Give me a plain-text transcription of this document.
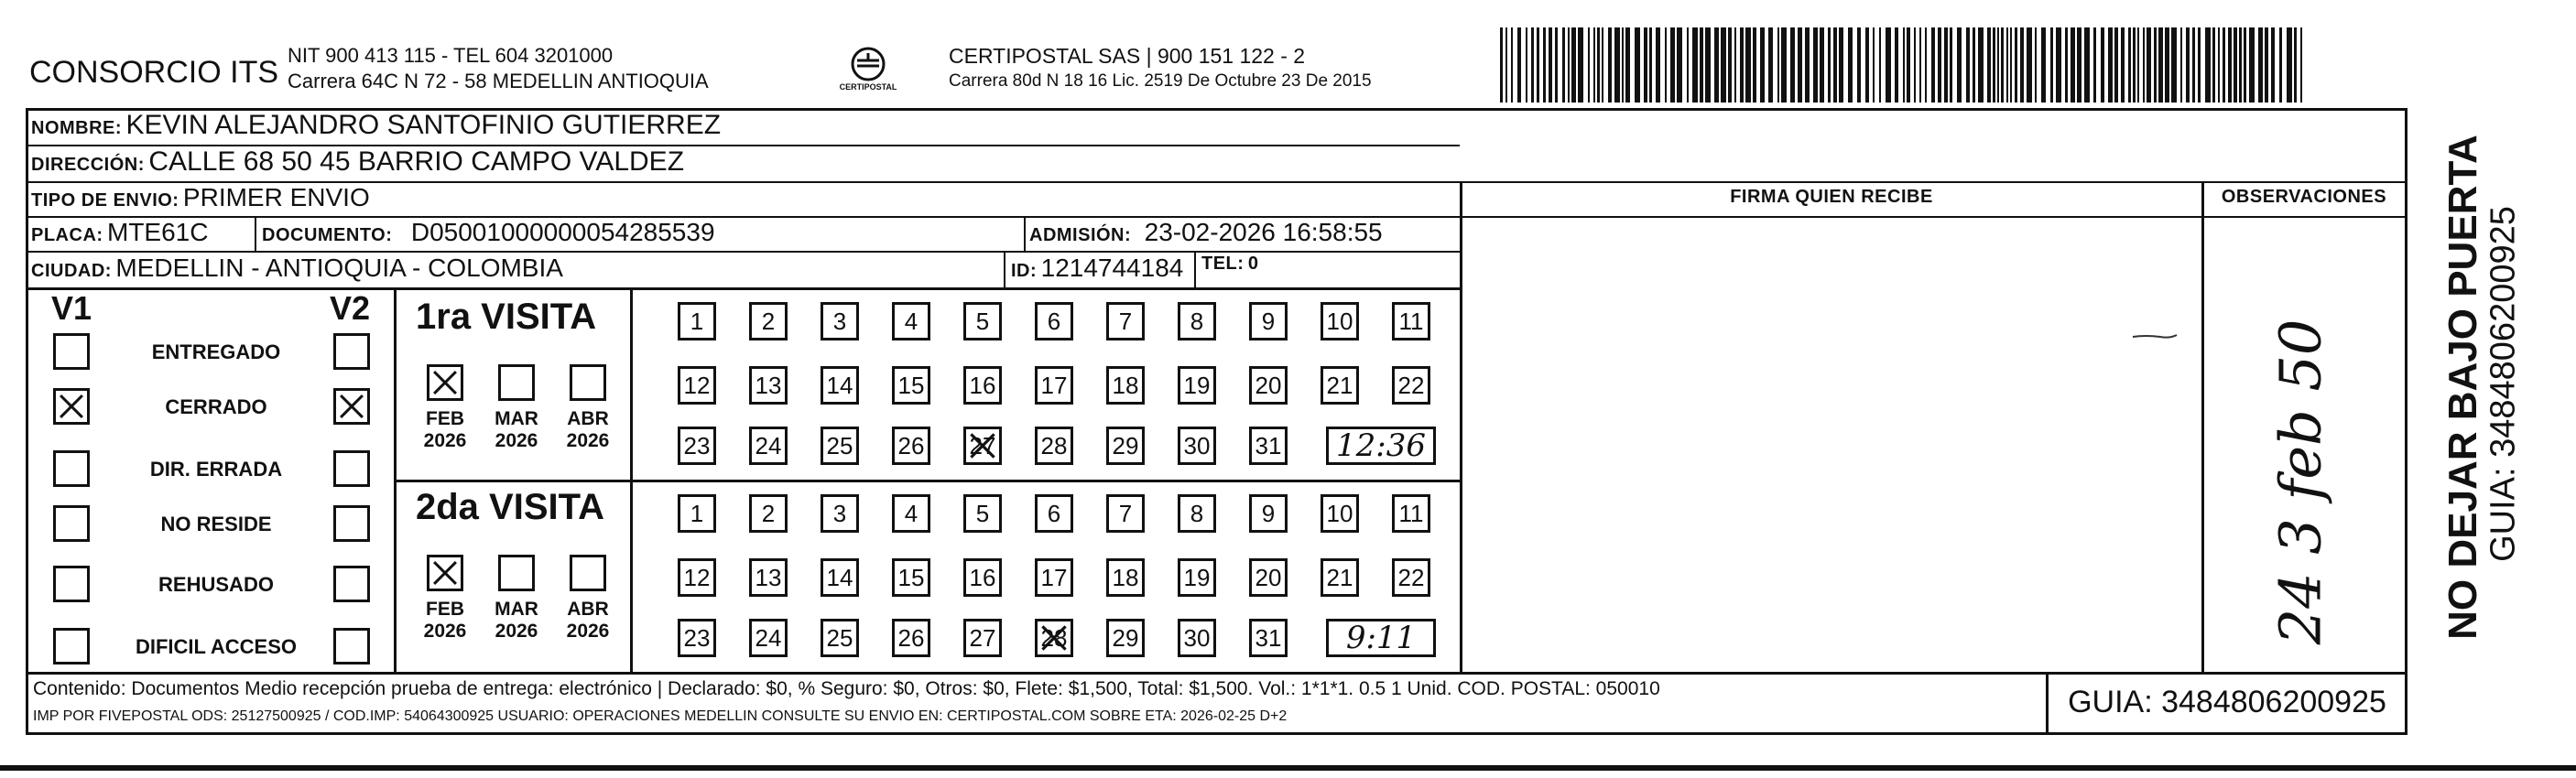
CONSORCIO ITS NIT 900 413 115 - TEL 604 3201000
Carrera 64C N 72 - 58 MEDELLIN ANTIOQUIA	CERTIPOSTAL
CERTIPOSTAL SAS | 900 151 122 - 2
Carrera 80d N 18 16 Lic. 2519 De Octubre 23 De 2015
NOMBRE: KEVIN ALEJANDRO SANTOFINIO GUTIERREZ
DIRECCIÓN: CALLE 68 50 45 BARRIO CAMPO VALDEZ
TIPO DE ENVIO: PRIMER ENVIO
PLACA: MTE61C	DOCUMENTO: D05001000000054285539	ADMISIÓN: 23-02-2026 16:58:55
CIUDAD: MEDELLIN - ANTIOQUIA - COLOMBIA	ID: 1214744184 TEL: 0
FIRMA QUIEN RECIBE	OBSERVACIONES
24 3 feb 50
V1	V2
ENTREGADO
CERRADO
DIR. ERRADA
NO RESIDE
REHUSADO
DIFICIL ACCESO
1ra VISITA
2da VISITA
FEB
2026
MAR
2026
ABR
2026
FEB
2026
MAR
2026
ABR
2026
1 2 3 4 5 6 7 8 9 10 11
12 13 14 15 16 17 18 19 20 21 22
23 24 25 26 27 28 29 30 31	12:36
1 2 3 4 5 6 7 8 9 10 11
12 13 14 15 16 17 18 19 20 21 22
23 24 25 26 27 28 29 30 31	9:11	NO DEJAR BAJO PUERTA
GUIA: 3484806200925
Contenido: Documentos Medio recepción prueba de entrega: electrónico | Declarado: $0, % Seguro: $0, Otros: $0, Flete: $1,500, Total: $1,500. Vol.: 1*1*1. 0.5 1 Unid. COD. POSTAL: 050010
IMP POR FIVEPOSTAL ODS: 25127500925 / COD.IMP: 54064300925 USUARIO: OPERACIONES MEDELLIN CONSULTE SU ENVIO EN: CERTIPOSTAL.COM SOBRE ETA: 2026-02-25 D+2	GUIA: 3484806200925
